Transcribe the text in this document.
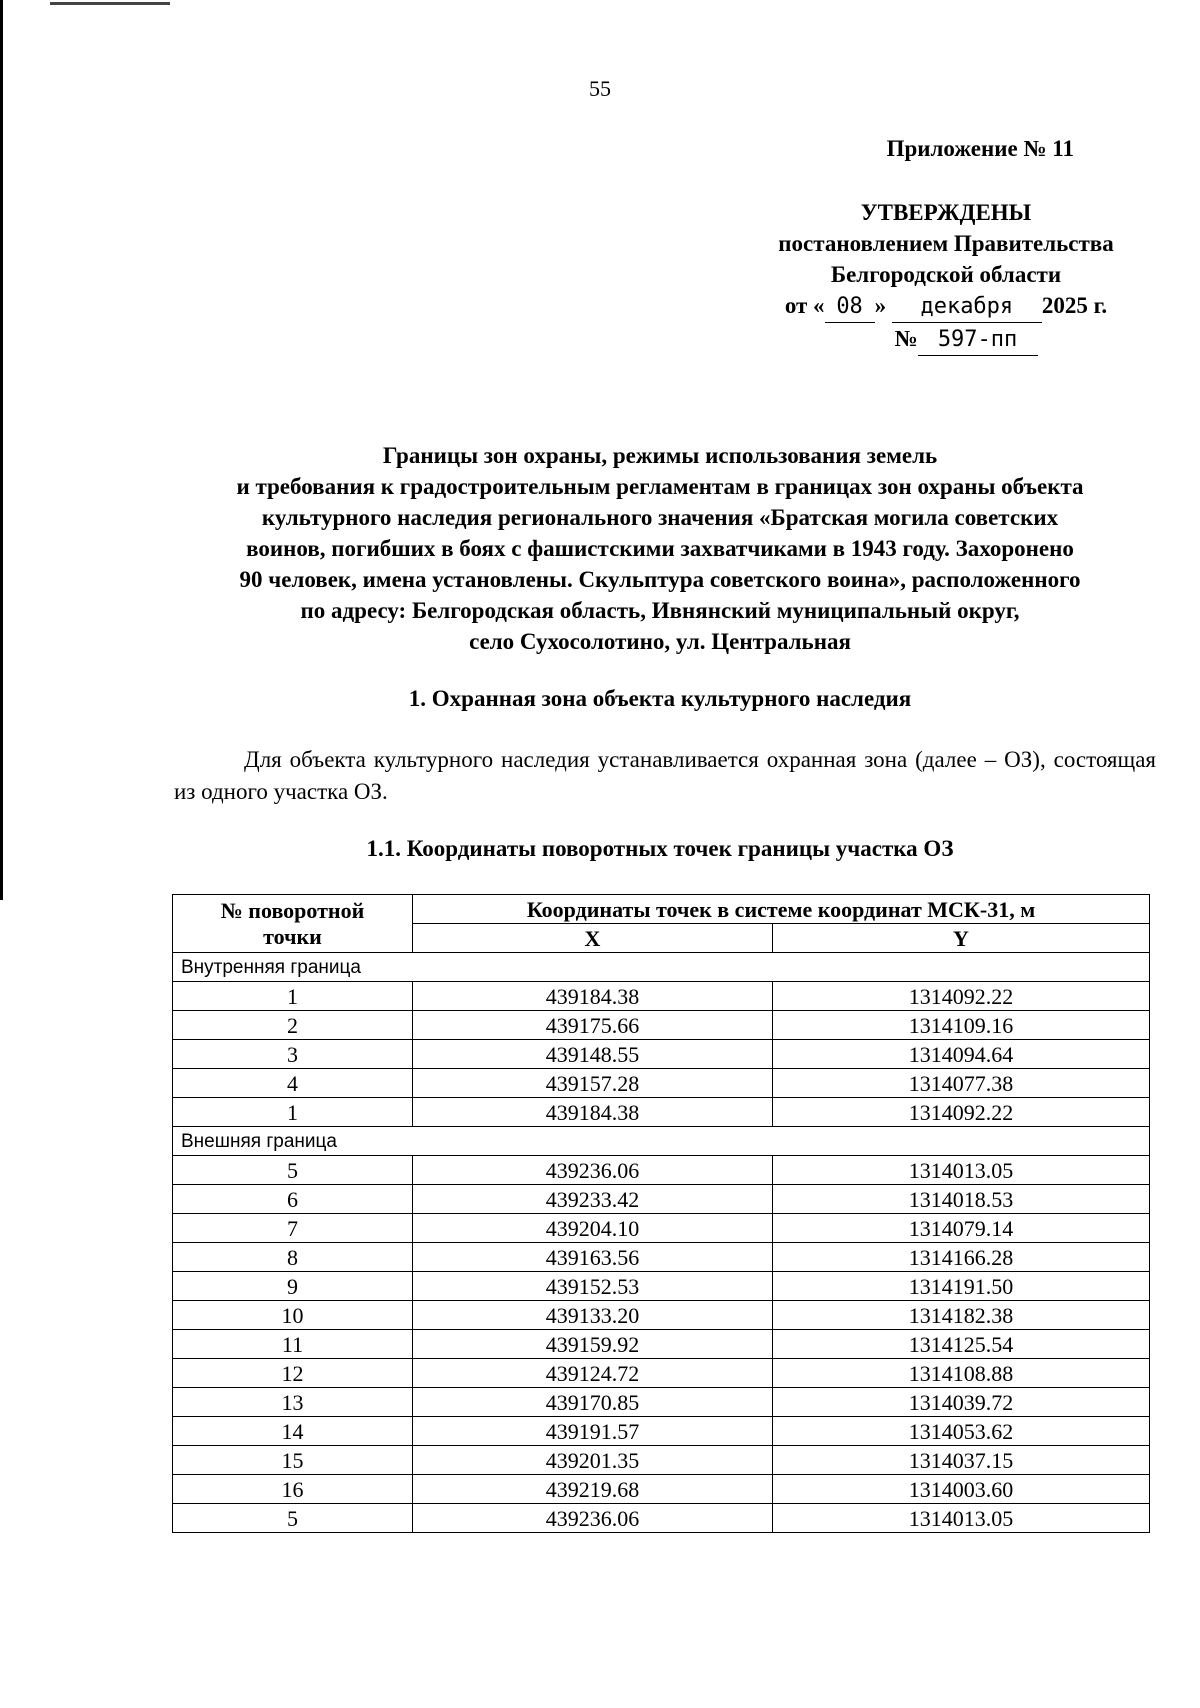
55
Приложение № 11
УТВЕРЖДЕНЫ
постановлением Правительства
Белгородской области
от « 08 » декабря 2025 г.
№ 597-пп
Границы зон охраны, режимы использования земель
и требования к градостроительным регламентам в границах зон охраны объекта
культурного наследия регионального значения «Братская могила советских
воинов, погибших в боях с фашистскими захватчиками в 1943 году. Захоронено
90 человек, имена установлены. Скульптура советского воина», расположенного
по адресу: Белгородская область, Ивнянский муниципальный округ,
село Сухосолотино, ул. Центральная
1. Охранная зона объекта культурного наследия
Для объекта культурного наследия устанавливается охранная зона (далее – ОЗ), состоящая из одного участка ОЗ.
1.1. Координаты поворотных точек границы участка ОЗ
№ поворотной
точки	Координаты точек в системе координат МСК-31, м	
	X	Y
Внутренняя граница		
1	439184.38	1314092.22
2	439175.66	1314109.16
3	439148.55	1314094.64
4	439157.28	1314077.38
1	439184.38	1314092.22
Внешняя граница		
5	439236.06	1314013.05
6	439233.42	1314018.53
7	439204.10	1314079.14
8	439163.56	1314166.28
9	439152.53	1314191.50
10	439133.20	1314182.38
11	439159.92	1314125.54
12	439124.72	1314108.88
13	439170.85	1314039.72
14	439191.57	1314053.62
15	439201.35	1314037.15
16	439219.68	1314003.60
5	439236.06	1314013.05
